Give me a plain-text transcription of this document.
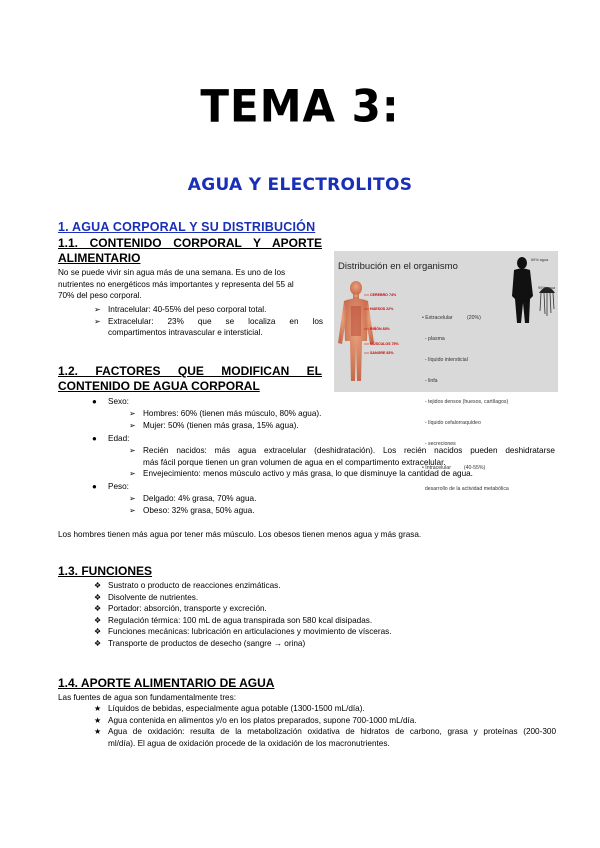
TEMA 3:
AGUA Y ELECTROLITOS
1. AGUA CORPORAL Y SU DISTRIBUCIÓN
1.1. CONTENIDO CORPORAL Y APORTE
ALIMENTARIO
No se puede vivir sin agua más de una semana. Es uno de los
nutrientes no energéticos más importantes y representa del 55 al
70% del peso corporal.
➢ Intracelular: 40-55% del peso corporal total.
➢ Extracelular: 23% que se localiza en los
compartimentos intravascular e intersticial.
Distribución en el organismo
CEREBRO 74%
HUESOS 22%
RIÑÓN 83%
MÚSCULOS 75%
SANGRE 83%
60% agua
90% agua

• Extracelular          (20%)

- plasma

- líquido intersticial

- linfa

- tejidos densos (huesos, cartílagos)

- líquido cefalorraquídeo

- secreciones

• Intracelular         (40-55%)

desarrollo de la actividad metabólica

1.2. FACTORES QUE MODIFICAN EL
CONTENIDO DE AGUA CORPORAL
● Sexo:
➢ Hombres: 60% (tienen más músculo, 80% agua).
➢ Mujer: 50% (tienen más grasa, 15% agua).
● Edad:
➢ Recién nacidos: más agua extracelular (deshidratación). Los recién nacidos pueden deshidratarse
más fácil porque tienen un gran volumen de agua en el compartimento extracelular.
➢ Envejecimiento: menos músculo activo y más grasa, lo que disminuye la cantidad de agua.
● Peso:
➢ Delgado: 4% grasa, 70% agua.
➢ Obeso: 32% grasa, 50% agua.
Los hombres tienen más agua por tener más músculo. Los obesos tienen menos agua y más grasa.
1.3. FUNCIONES
❖ Sustrato o producto de reacciones enzimáticas.
❖ Disolvente de nutrientes.
❖ Portador: absorción, transporte y excreción.
❖ Regulación térmica: 100 mL de agua transpirada son 580 kcal disipadas.
❖ Funciones mecánicas: lubricación en articulaciones y movimiento de vísceras.
❖ Transporte de productos de desecho (sangre → orina)
1.4. APORTE ALIMENTARIO DE AGUA
Las fuentes de agua son fundamentalmente tres:
★ Líquidos de bebidas, especialmente agua potable (1300-1500 mL/día).
★ Agua contenida en alimentos y/o en los platos preparados, supone 700-1000 mL/día.
★ Agua de oxidación: resulta de la metabolización oxidativa de hidratos de carbono, grasa y proteínas (200-300
ml/día). El agua de oxidación procede de la oxidación de los macronutrientes.
